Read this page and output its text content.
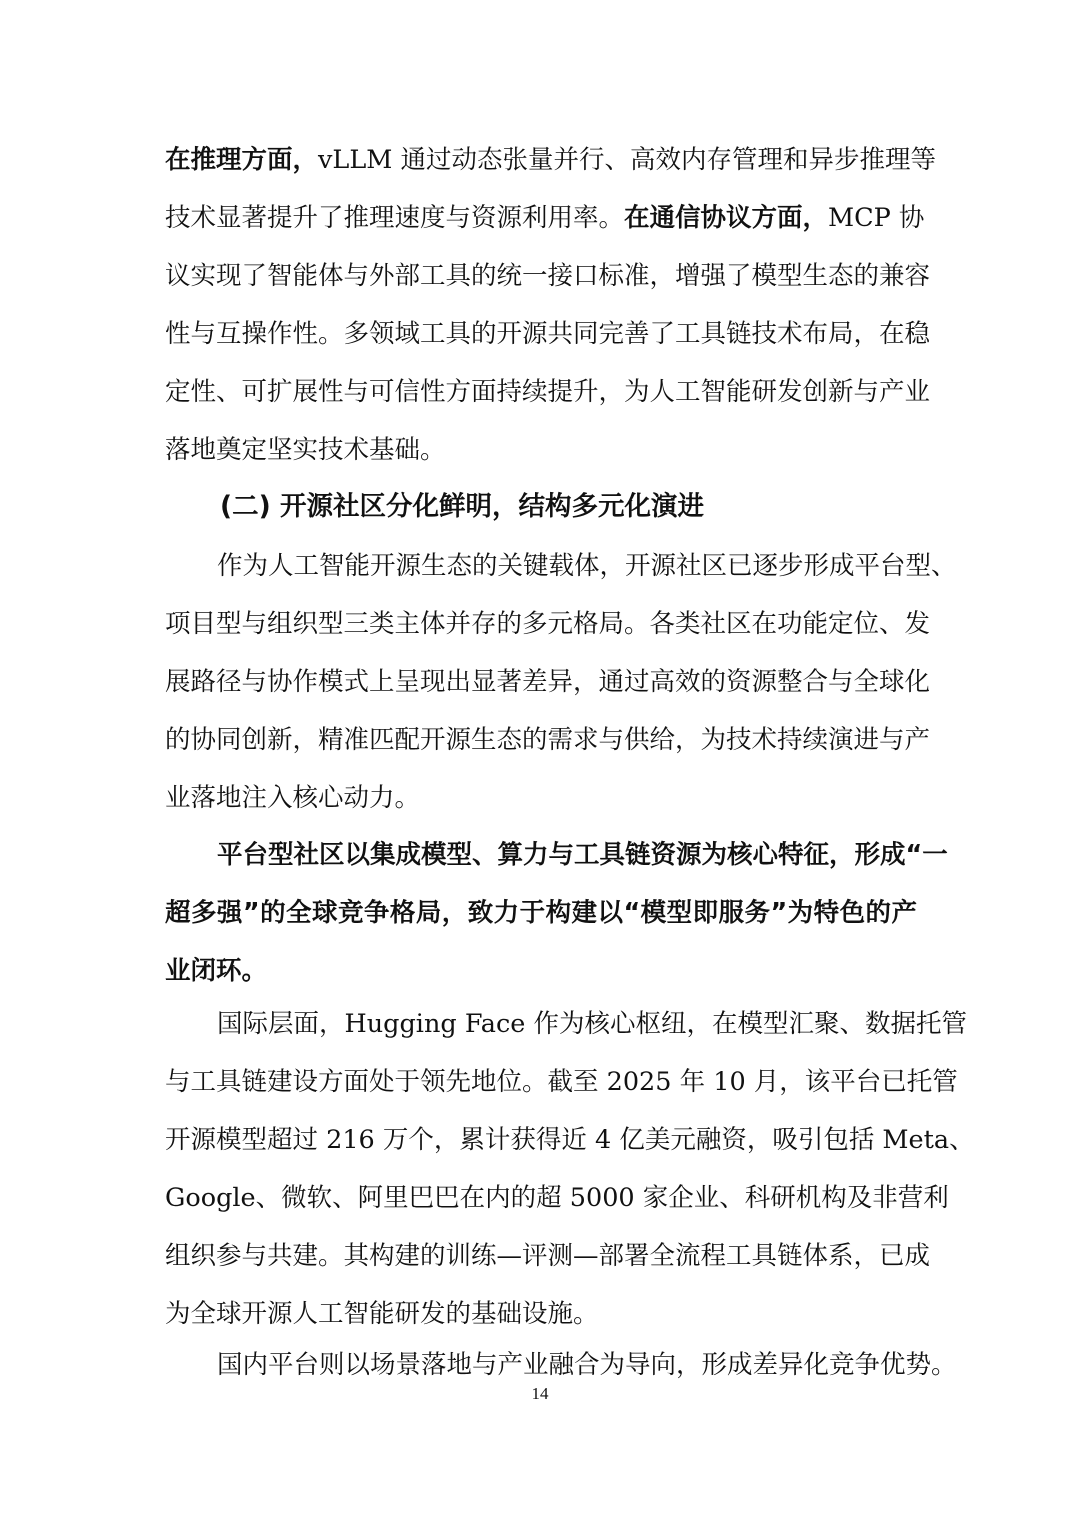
在推理方面，vLLM 通过动态张量并行、高效内存管理和异步推理等
技术显著提升了推理速度与资源利用率。在通信协议方面，MCP 协
议实现了智能体与外部工具的统一接口标准，增强了模型生态的兼容
性与互操作性。多领域工具的开源共同完善了工具链技术布局，在稳
定性、可扩展性与可信性方面持续提升，为人工智能研发创新与产业
落地奠定坚实技术基础。
(二) 开源社区分化鲜明，结构多元化演进
作为人工智能开源生态的关键载体，开源社区已逐步形成平台型、
项目型与组织型三类主体并存的多元格局。各类社区在功能定位、发
展路径与协作模式上呈现出显著差异，通过高效的资源整合与全球化
的协同创新，精准匹配开源生态的需求与供给，为技术持续演进与产
业落地注入核心动力。
平台型社区以集成模型、算力与工具链资源为核心特征，形成“一
超多强”的全球竞争格局，致力于构建以“模型即服务”为特色的产
业闭环。
国际层面，Hugging Face 作为核心枢纽，在模型汇聚、数据托管
与工具链建设方面处于领先地位。截至 2025 年 10 月，该平台已托管
开源模型超过 216 万个，累计获得近 4 亿美元融资，吸引包括 Meta、
Google、微软、阿里巴巴在内的超 5000 家企业、科研机构及非营利
组织参与共建。其构建的训练—评测—部署全流程工具链体系，已成
为全球开源人工智能研发的基础设施。
国内平台则以场景落地与产业融合为导向，形成差异化竞争优势。
14
